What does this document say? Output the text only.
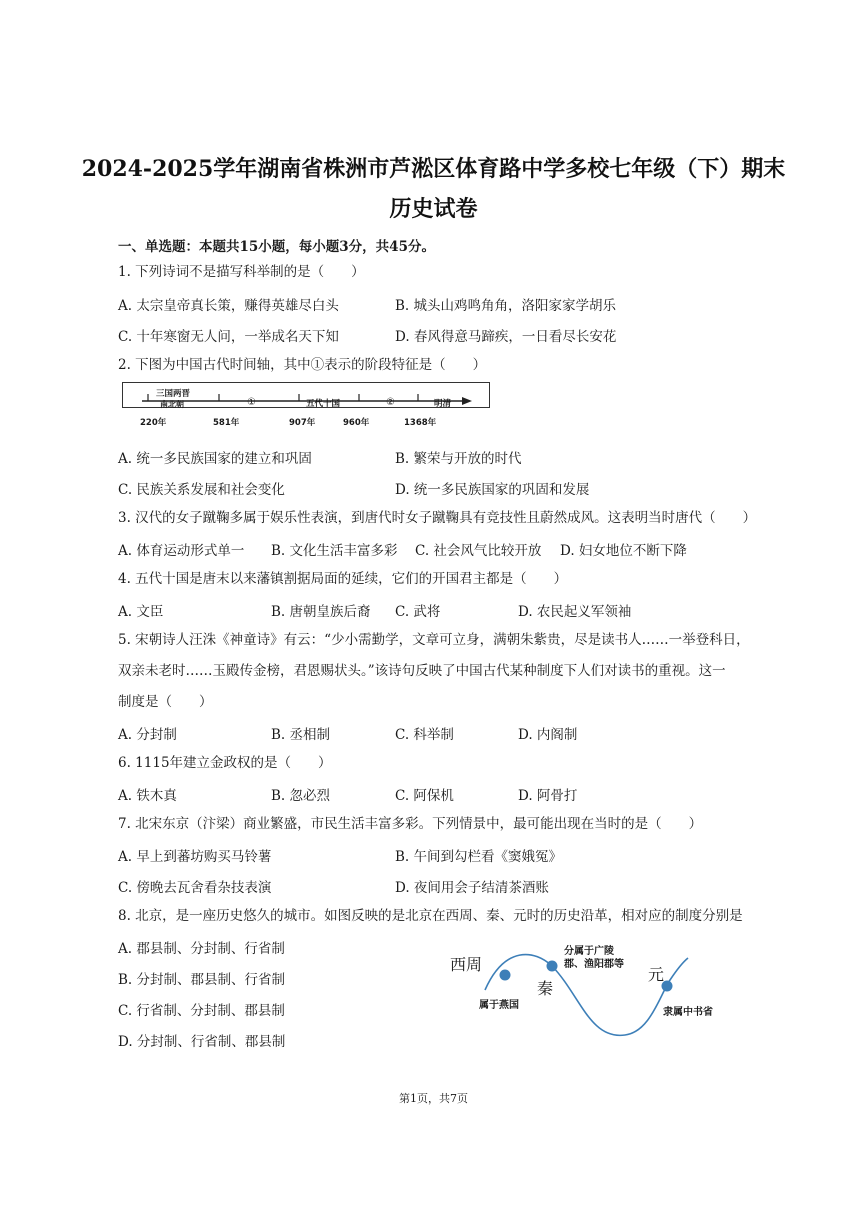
2024-2025学年湖南省株洲市芦淞区体育路中学多校七年级（下）期末
历史试卷
一、单选题：本题共15小题，每小题3分，共45分。
1. 下列诗词不是描写科举制的是（　　）
A. 太宗皇帝真长策，赚得英雄尽白头	B. 城头山鸡鸣角角，洛阳家家学胡乐
C. 十年寒窗无人问，一举成名天下知	D. 春风得意马蹄疾，一日看尽长安花
2. 下图为中国古代时间轴，其中①表示的阶段特征是（　　）
三国两晋
南北朝	①	五代十国	②	明清
220年	581年	907年	960年	1368年
A. 统一多民族国家的建立和巩固	B. 繁荣与开放的时代
C. 民族关系发展和社会变化	D. 统一多民族国家的巩固和发展
3. 汉代的女子蹴鞠多属于娱乐性表演，到唐代时女子蹴鞠具有竞技性且蔚然成风。这表明当时唐代（　　）
A. 体育运动形式单一 B. 文化生活丰富多彩 C. 社会风气比较开放 D. 妇女地位不断下降
4. 五代十国是唐末以来藩镇割据局面的延续，它们的开国君主都是（　　）
A. 文臣	B. 唐朝皇族后裔 C. 武将	D. 农民起义军领袖
5. 宋朝诗人汪洙《神童诗》有云：“少小需勤学，文章可立身，满朝朱紫贵，尽是读书人……一举登科日，
双亲未老时……玉殿传金榜，君恩赐状头。”该诗句反映了中国古代某种制度下人们对读书的重视。这一
制度是（　　）
A. 分封制	B. 丞相制	C. 科举制	D. 内阁制
6. 1115年建立金政权的是（　　）
A. 铁木真	B. 忽必烈	C. 阿保机	D. 阿骨打
7. 北宋东京（汴梁）商业繁盛，市民生活丰富多彩。下列情景中，最可能出现在当时的是（　　）
A. 早上到蕃坊购买马铃薯	B. 午间到勾栏看《窦娥冤》
C. 傍晚去瓦舍看杂技表演	D. 夜间用会子结清茶酒账
8. 北京，是一座历史悠久的城市。如图反映的是北京在西周、秦、元时的历史沿革，相对应的制度分别是
A. 郡县制、分封制、行省制
B. 分封制、郡县制、行省制
C. 行省制、分封制、郡县制
D. 分封制、行省制、郡县制
西周
秦
元
属于燕国
分属于广陵
郡、渔阳郡等
隶属中书省
第1页，共7页
